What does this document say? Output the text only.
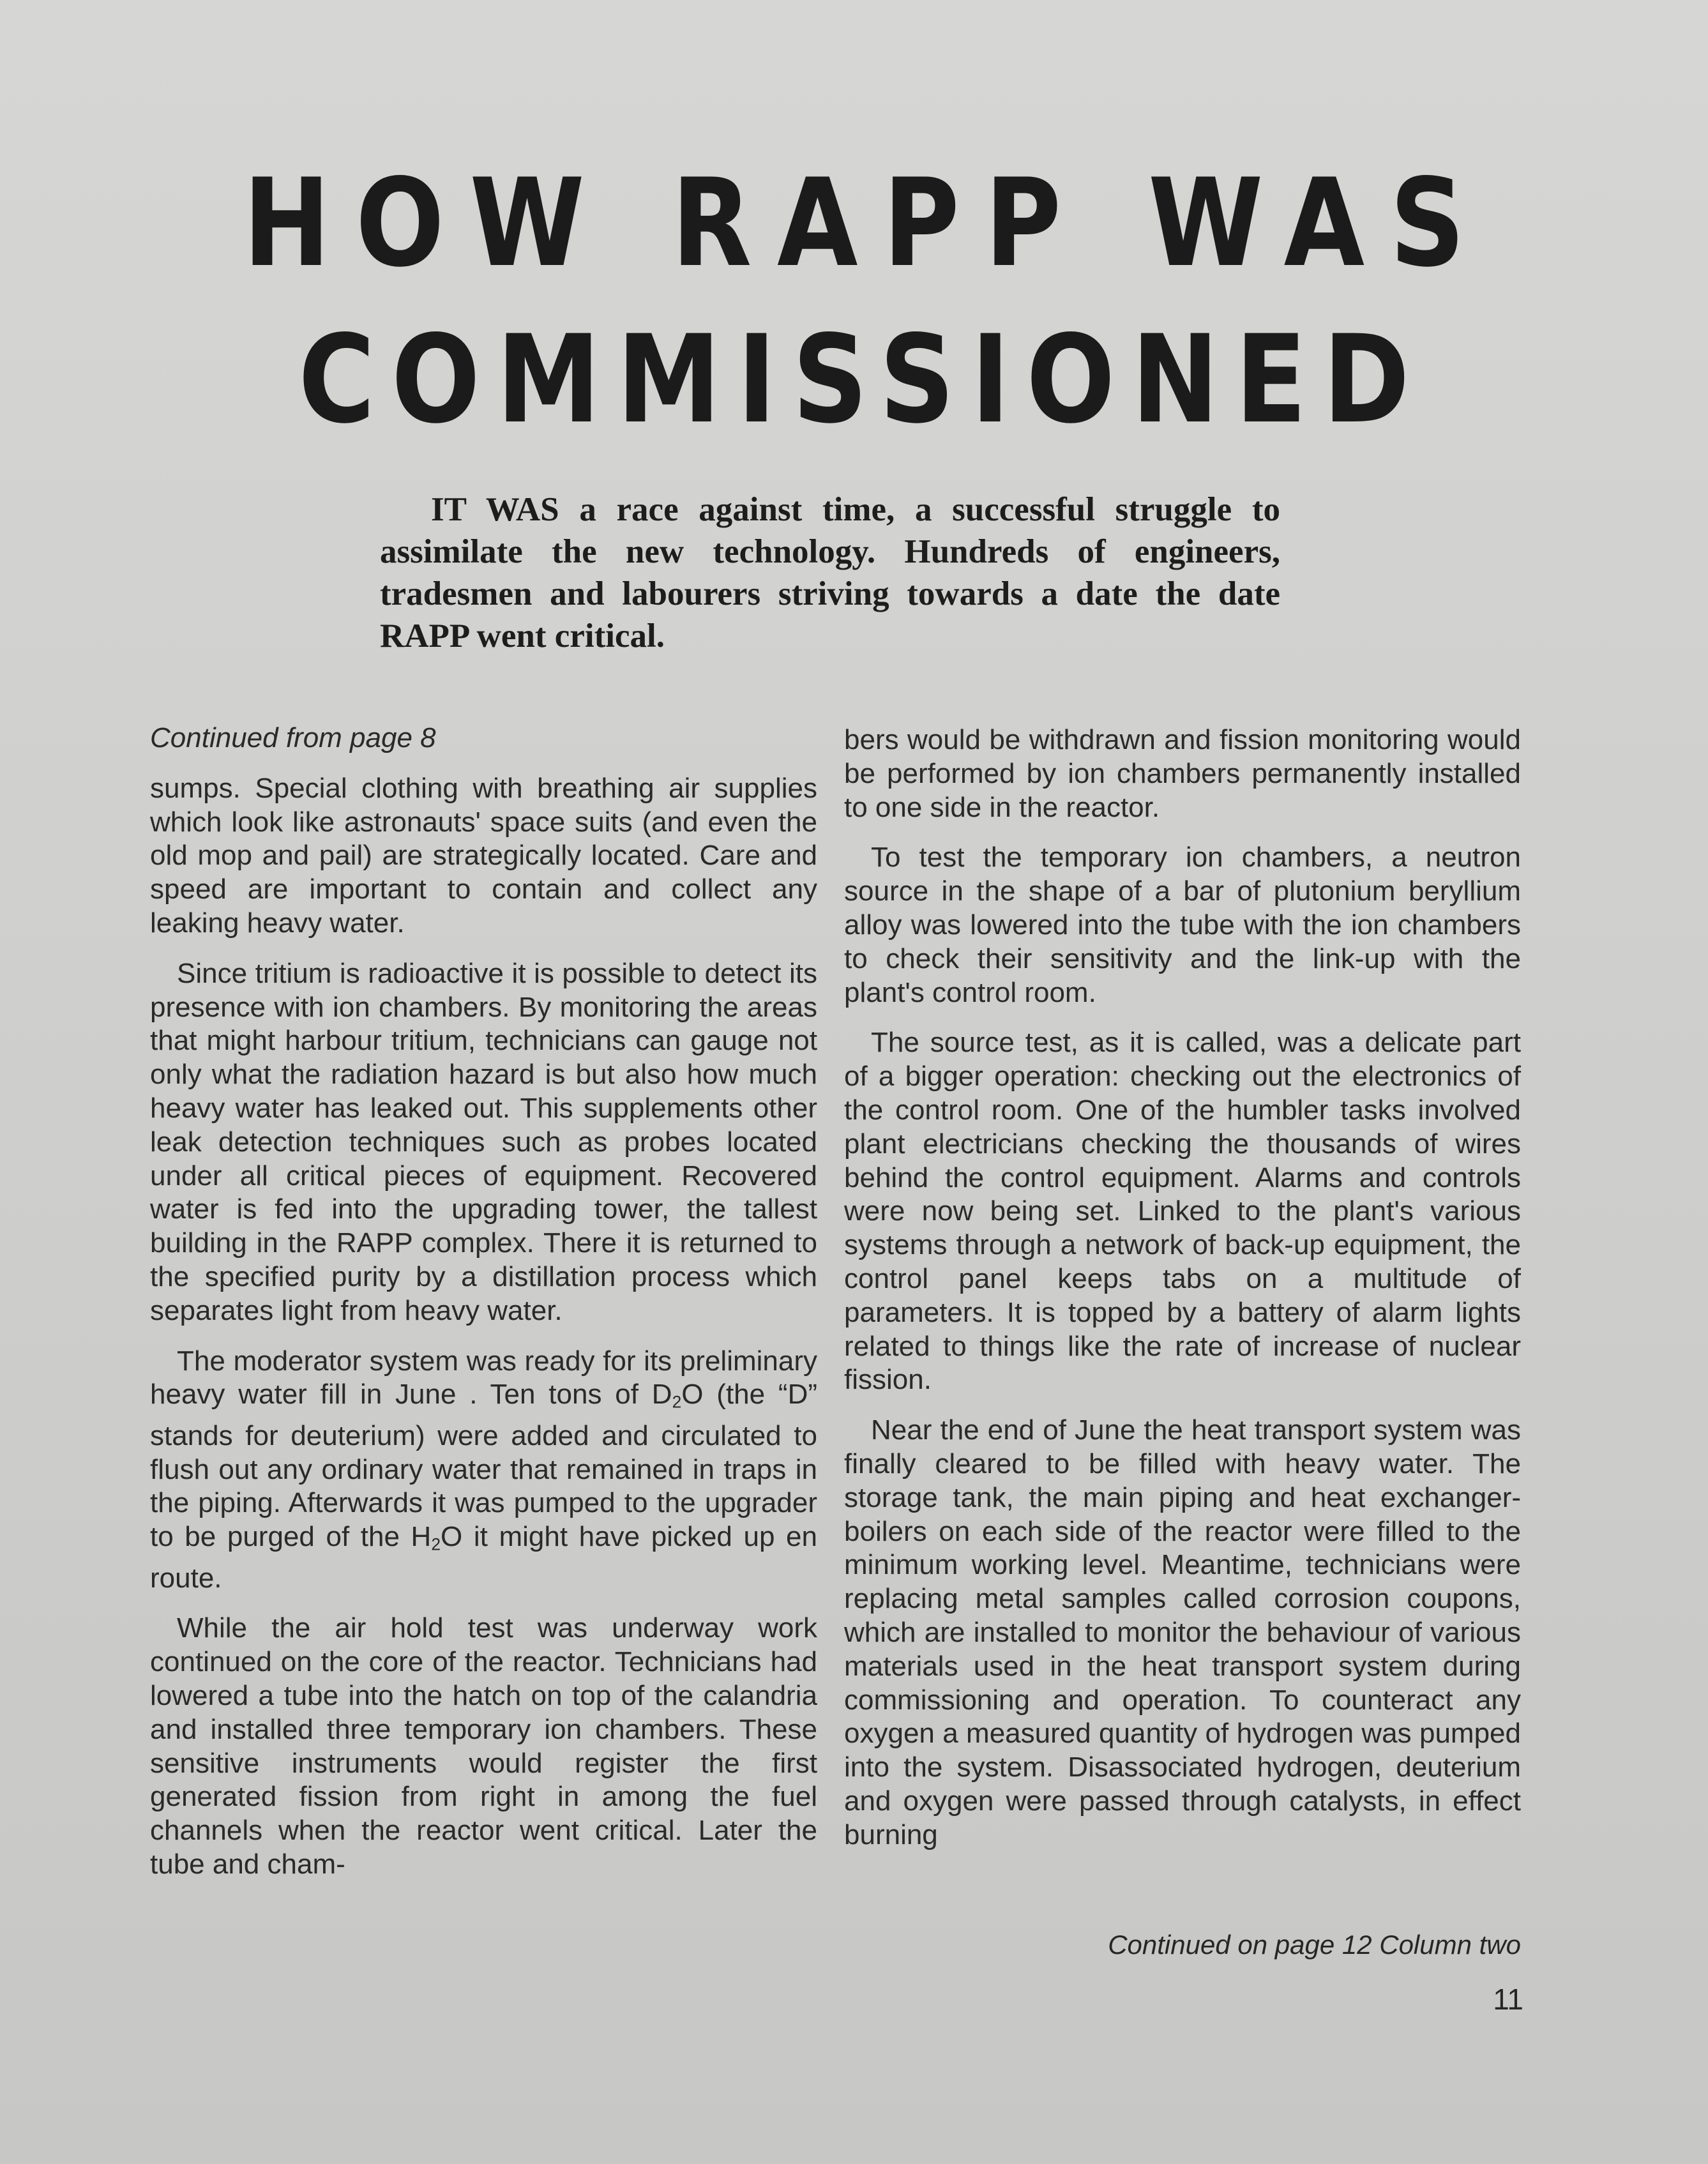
HOW RAPP WAS
COMMISSIONED

IT WAS a race against time, a successful struggle to assimilate the new technology. Hundreds of engineers, tradesmen and labourers striving towards a date the date RAPP went critical.

Continued from page 8

sumps. Special clothing with breathing air supplies which look like astronauts' space suits (and even the old mop and pail) are strategically located. Care and speed are important to contain and collect any leaking heavy water.

Since tritium is radioactive it is possible to detect its presence with ion chambers. By monitoring the areas that might harbour tritium, technicians can gauge not only what the radiation hazard is but also how much heavy water has leaked out. This supplements other leak detection techniques such as probes located under all critical pieces of equipment. Recovered water is fed into the upgrading tower, the tallest building in the RAPP complex. There it is returned to the specified purity by a distillation process which separates light from heavy water.

The moderator system was ready for its preliminary heavy water fill in June . Ten tons of $D_2O$ (the “D” stands for deuterium) were added and circulated to flush out any ordinary water that remained in traps in the piping. Afterwards it was pumped to the upgrader to be purged of the $H_2O$ it might have picked up en route.

While the air hold test was underway work continued on the core of the reactor. Technicians had lowered a tube into the hatch on top of the calandria and installed three temporary ion chambers. These sensitive instruments would register the first generated fission from right in among the fuel channels when the reactor went critical. Later the tube and cham-

bers would be withdrawn and fission monitoring would be performed by ion chambers permanently installed to one side in the reactor.

To test the temporary ion chambers, a neutron source in the shape of a bar of plutonium beryllium alloy was lowered into the tube with the ion chambers to check their sensitivity and the link-up with the plant's control room.

The source test, as it is called, was a delicate part of a bigger operation: checking out the electronics of the control room. One of the humbler tasks involved plant electricians checking the thousands of wires behind the control equipment. Alarms and controls were now being set. Linked to the plant's various systems through a network of back-up equipment, the control panel keeps tabs on a multitude of parameters. It is topped by a battery of alarm lights related to things like the rate of increase of nuclear fission.

Near the end of June the heat transport system was finally cleared to be filled with heavy water. The storage tank, the main piping and heat exchanger-boilers on each side of the reactor were filled to the minimum working level. Meantime, technicians were replacing metal samples called corrosion coupons, which are installed to monitor the behaviour of various materials used in the heat transport system during commissioning and operation. To counteract any oxygen a measured quantity of hydrogen was pumped into the system. Disassociated hydrogen, deuterium and oxygen were passed through catalysts, in effect burning

Continued on page 12 Column two

11
